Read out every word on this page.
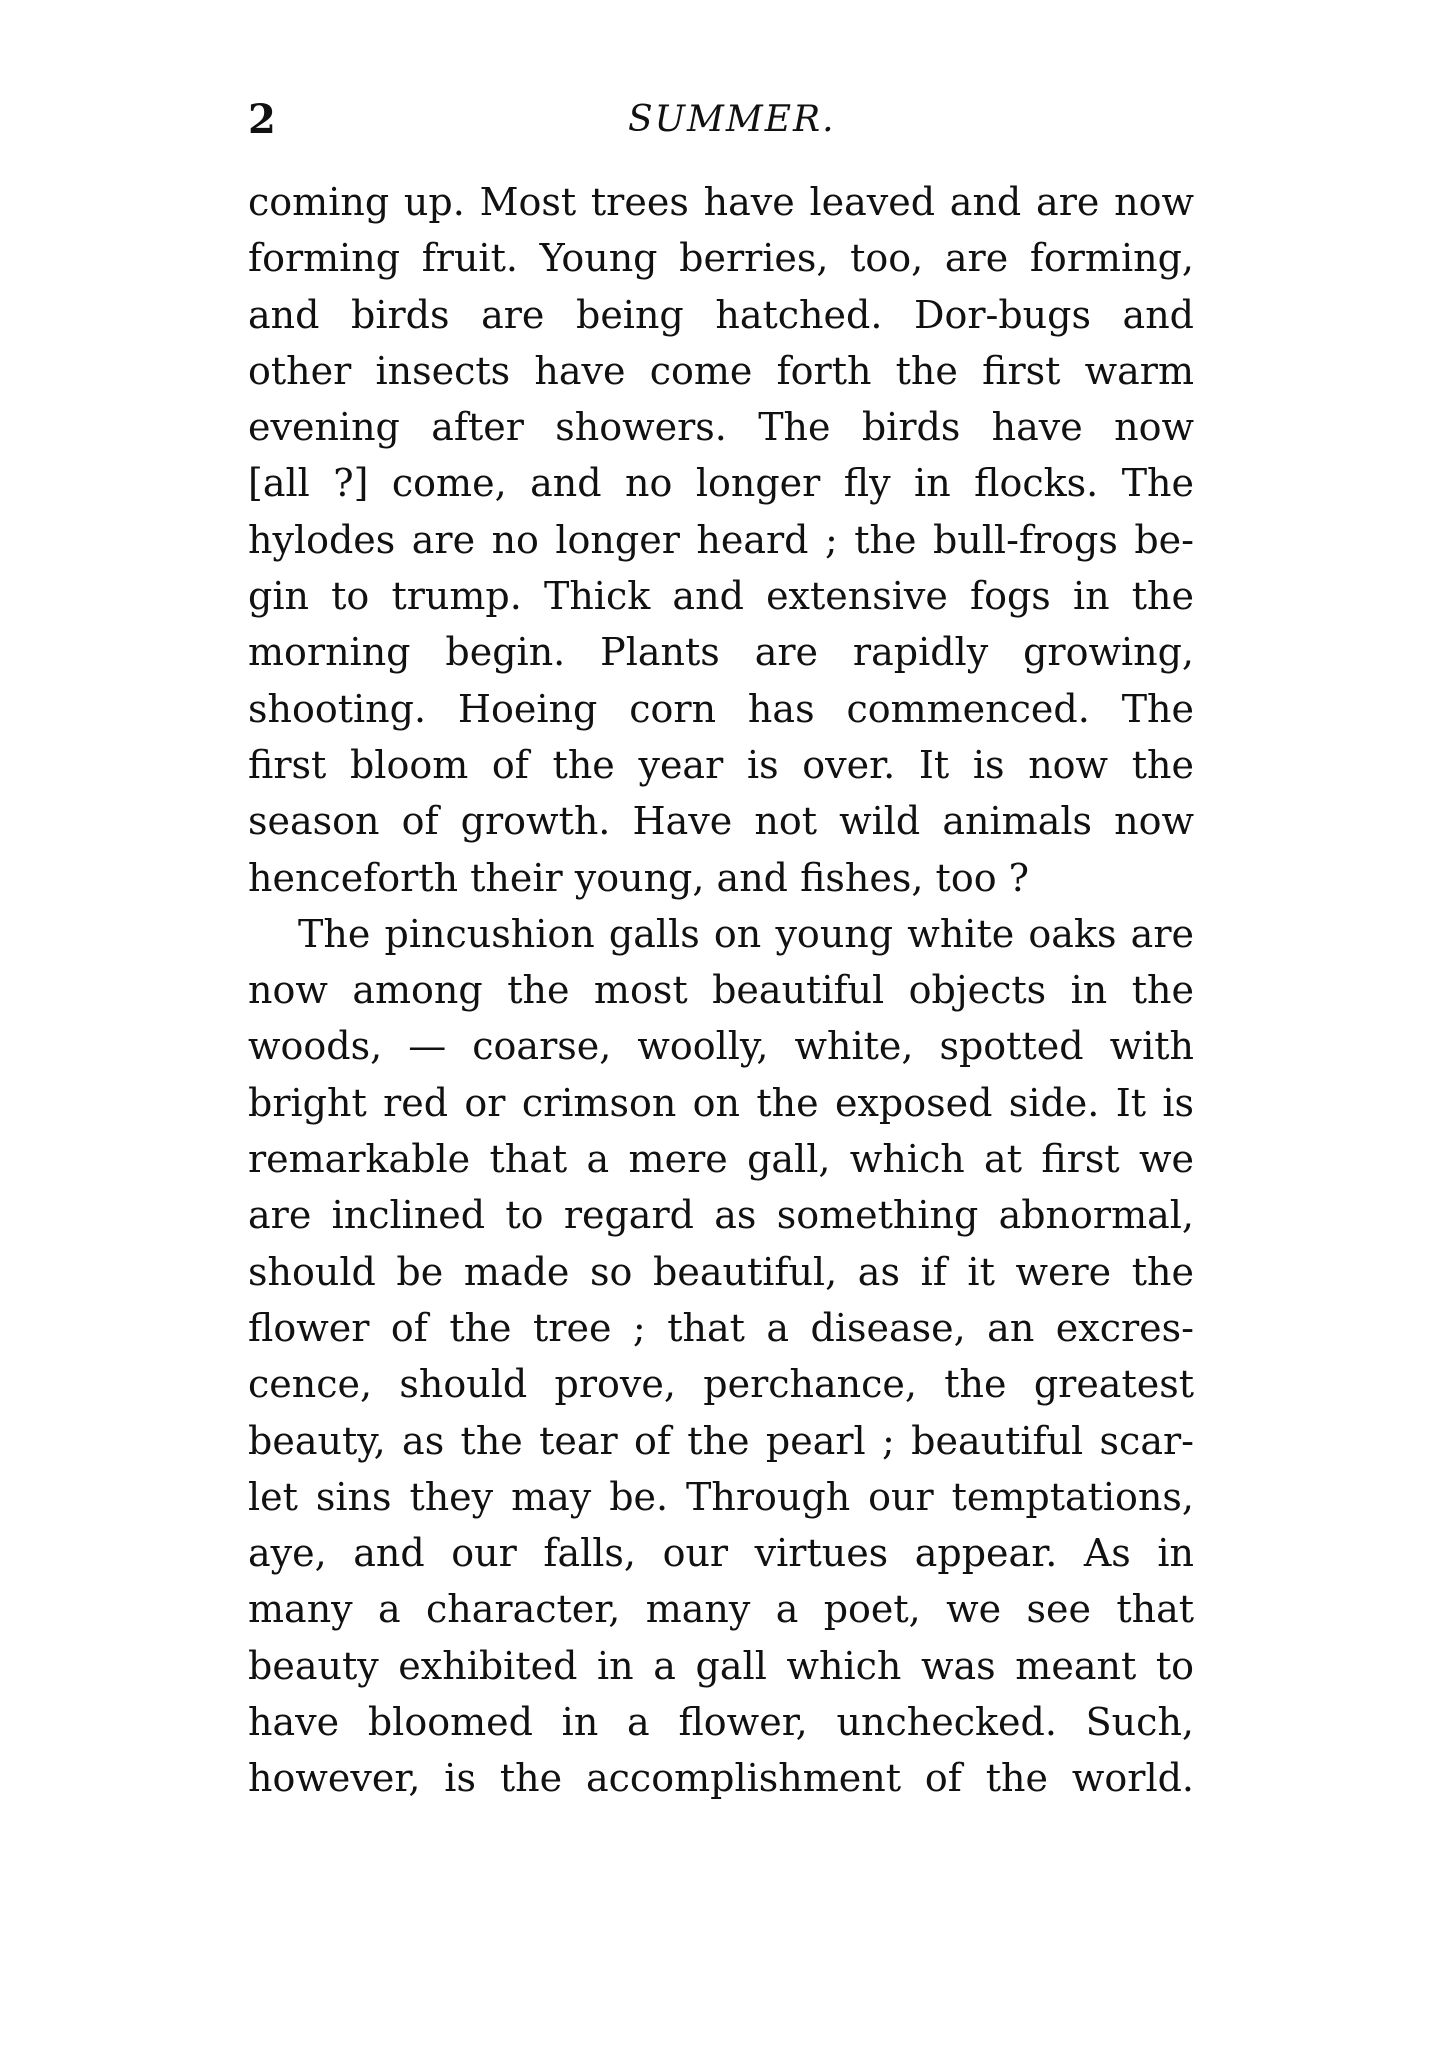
2	SUMMER.
coming up. Most trees have leaved and are now
forming fruit. Young berries, too, are forming,
and birds are being hatched. Dor-bugs and
other insects have come forth the first warm
evening after showers. The birds have now
[all ?] come, and no longer fly in flocks. The
hylodes are no longer heard ; the bull-frogs be-
gin to trump. Thick and extensive fogs in the
morning begin. Plants are rapidly growing,
shooting. Hoeing corn has commenced. The
first bloom of the year is over. It is now the
season of growth. Have not wild animals now
henceforth their young, and fishes, too ?
The pincushion galls on young white oaks are
now among the most beautiful objects in the
woods, — coarse, woolly, white, spotted with
bright red or crimson on the exposed side. It is
remarkable that a mere gall, which at first we
are inclined to regard as something abnormal,
should be made so beautiful, as if it were the
flower of the tree ; that a disease, an excres-
cence, should prove, perchance, the greatest
beauty, as the tear of the pearl ; beautiful scar-
let sins they may be. Through our temptations,
aye, and our falls, our virtues appear. As in
many a character, many a poet, we see that
beauty exhibited in a gall which was meant to
have bloomed in a flower, unchecked. Such,
however, is the accomplishment of the world.
